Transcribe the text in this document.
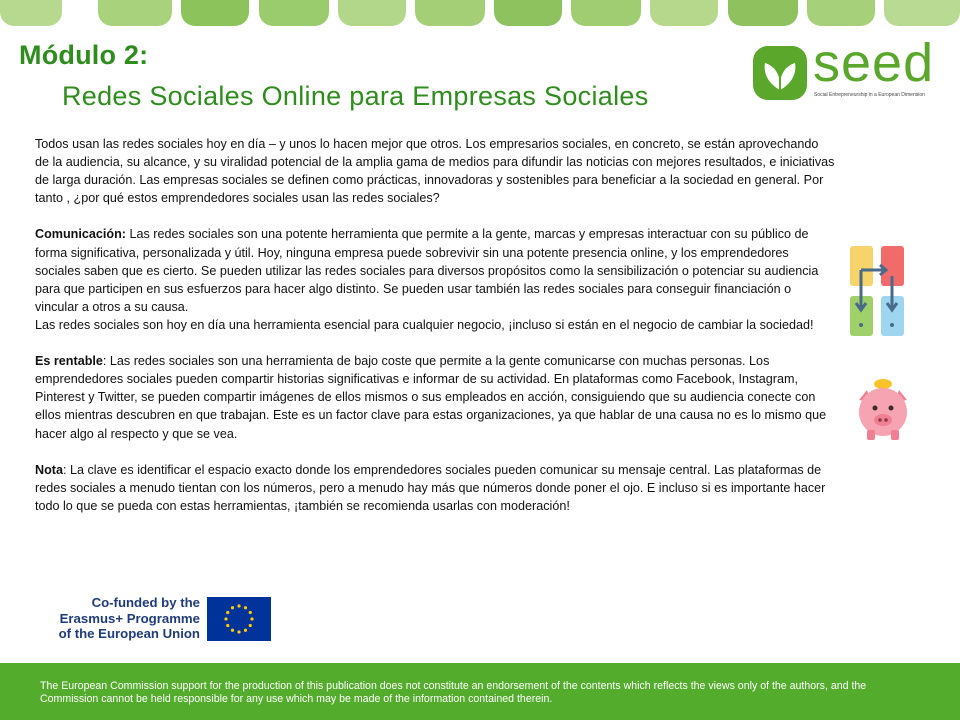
Módulo 2:
Redes Sociales Online para Empresas Sociales
seed
Social Entrepreneurship in a European Dimension

Todos usan las redes sociales hoy en día – y unos lo hacen mejor que otros. Los empresarios sociales, en concreto, se están aprovechando de la audiencia, su alcance, y su viralidad potencial de la amplia gama de medios para difundir las noticias con mejores resultados, e iniciativas de larga duración. Las empresas sociales se definen como prácticas, innovadoras y sostenibles para beneficiar a la sociedad en general. Por tanto , ¿por qué estos emprendedores sociales usan las redes sociales?

Comunicación: Las redes sociales son una potente herramienta que permite a la gente, marcas y empresas interactuar con su público de forma significativa, personalizada y útil. Hoy, ninguna empresa puede sobrevivir sin una potente presencia online, y los emprendedores sociales saben que es cierto. Se pueden utilizar las redes sociales para diversos propósitos como la sensibilización o potenciar su audiencia para que participen en sus esfuerzos para hacer algo distinto. Se pueden usar también las redes sociales para conseguir financiación o vincular a otros a su causa.

Las redes sociales son hoy en día una herramienta esencial para cualquier negocio, ¡incluso si están en el negocio de cambiar la sociedad!

Es rentable: Las redes sociales son una herramienta de bajo coste que permite a la gente comunicarse con muchas personas. Los emprendedores sociales pueden compartir historias significativas e informar de su actividad. En plataformas como Facebook, Instagram, Pinterest y Twitter, se pueden compartir imágenes de ellos mismos o sus empleados en acción, consiguiendo que su audiencia conecte con ellos mientras descubren en que trabajan. Este es un factor clave para estas organizaciones, ya que hablar de una causa no es lo mismo que hacer algo al respecto y que se vea.

Nota: La clave es identificar el espacio exacto donde los emprendedores sociales pueden comunicar su mensaje central. Las plataformas de redes sociales a menudo tientan con los números, pero a menudo hay más que números donde poner el ojo. E incluso si es importante hacer todo lo que se pueda con estas herramientas, ¡también se recomienda usarlas con moderación!

Co-funded by the
Erasmus+ Programme
of the European Union
The European Commission support for the production of this publication does not constitute an endorsement of the contents which reflects the views only of the authors, and the Commission cannot be held responsible for any use which may be made of the information contained therein.
